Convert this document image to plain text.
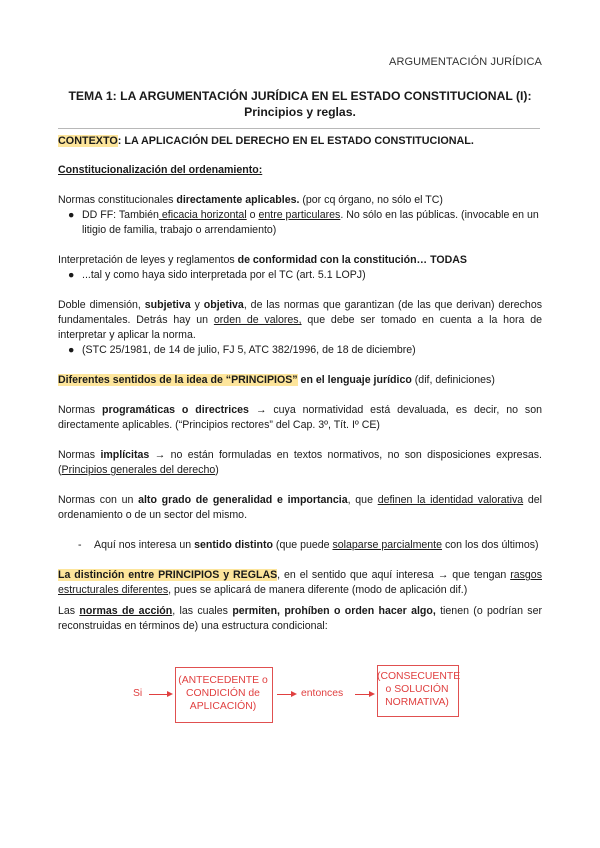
ARGUMENTACIÓN JURÍDICA
TEMA 1: LA ARGUMENTACIÓN JURÍDICA EN EL ESTADO CONSTITUCIONAL (I):
Principios y reglas.

CONTEXTO: LA APLICACIÓN DEL DERECHO EN EL ESTADO CONSTITUCIONAL.

Constitucionalización del ordenamiento:

Normas constitucionales directamente aplicables. (por cq órgano, no sólo el TC)

● DD FF: También eficacia horizontal o entre particulares. No sólo en las públicas. (invocable en un litigio de familia, trabajo o arrendamiento)

Interpretación de leyes y reglamentos de conformidad con la constitución… TODAS

● ...tal y como haya sido interpretada por el TC (art. 5.1 LOPJ)

Doble dimensión, subjetiva y objetiva, de las normas que garantizan (de las que derivan) derechos fundamentales. Detrás hay un orden de valores, que debe ser tomado en cuenta a la hora de interpretar y aplicar la norma.

● (STC 25/1981, de 14 de julio, FJ 5, ATC 382/1996, de 18 de diciembre)

Diferentes sentidos de la idea de “PRINCIPIOS” en el lenguaje jurídico (dif, definiciones)

Normas programáticas o directrices → cuya normatividad está devaluada, es decir, no son directamente aplicables. (“Principios rectores” del Cap. 3º, Tít. Iº CE)

Normas implícitas → no están formuladas en textos normativos, no son disposiciones expresas. (Principios generales del derecho)

Normas con un alto grado de generalidad e importancia, que definen la identidad valorativa del ordenamiento o de un sector del mismo.

- Aquí nos interesa un sentido distinto (que puede solaparse parcialmente con los dos últimos)

La distinción entre PRINCIPIOS y REGLAS, en el sentido que aquí interesa → que tengan rasgos estructurales diferentes, pues se aplicará de manera diferente (modo de aplicación dif.)

Las normas de acción, las cuales permiten, prohíben o orden hacer algo, tienen (o podrían ser reconstruidas en términos de) una estructura condicional:

Si
(ANTECEDENTE o
CONDICIÓN de
APLICACIÓN)
entonces
(CONSECUENTE
o SOLUCIÓN
NORMATIVA)
